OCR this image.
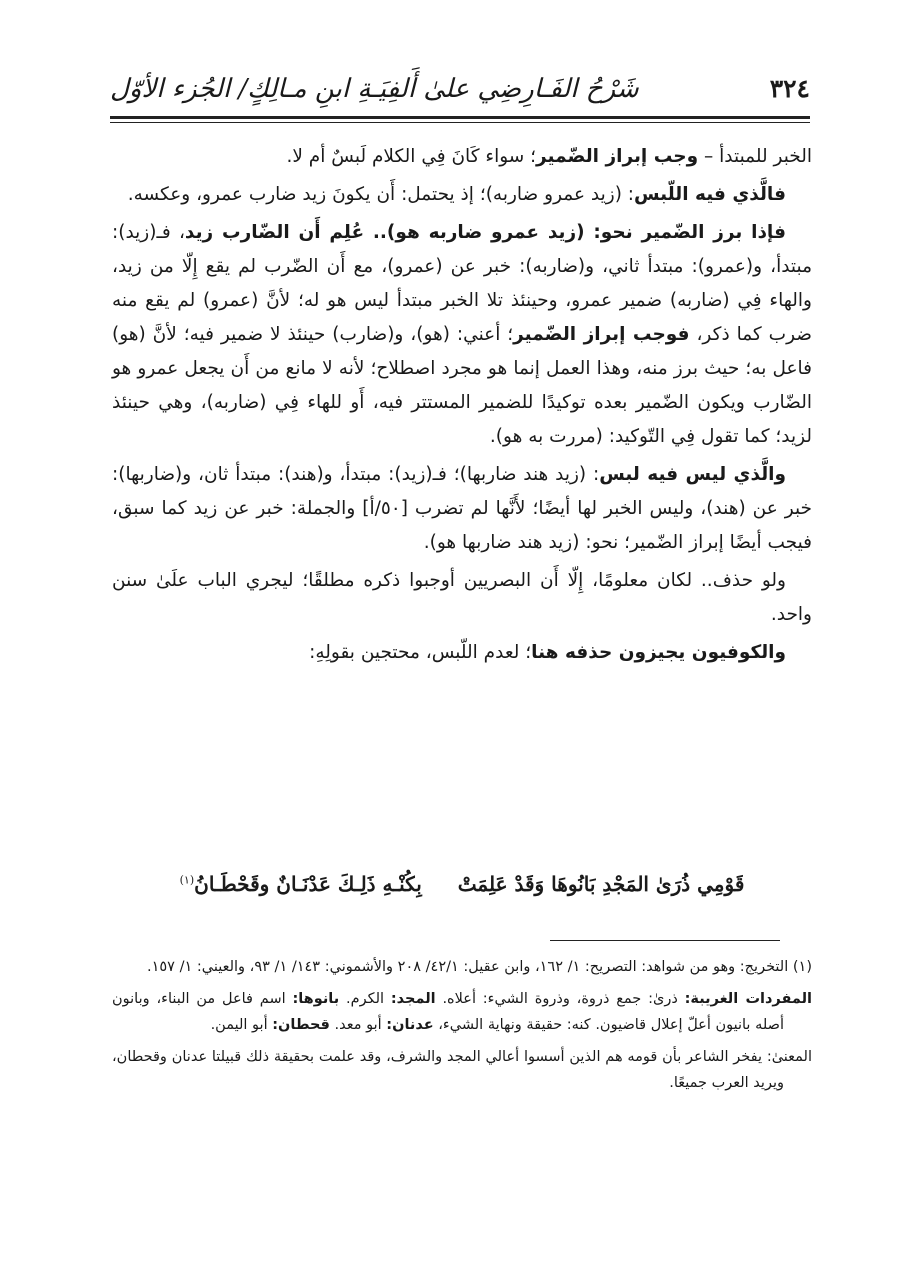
٣٢٤
شَرْحُ الفَـارِضِي علىٰ أَلفِيَـةِ ابنِ مـالِكٍ/ الجُزء الأوّل

الخبر للمبتدأ – وجب إبراز الضّمير؛ سواء كَانَ فِي الكلام لَبسٌ أم لا.

فالَّذي فيه اللّبس: (زيد عمرو ضاربه)؛ إذ يحتمل: أَن يكونَ زيد ضارب عمرو، وعكسه.

فإذا برز الضّمير نحو: (زيد عمرو ضاربه هو).. عُلِم أَن الضّارب زيد، فـ(زيد): مبتدأ، و(عمرو): مبتدأ ثاني، و(ضاربه): خبر عن (عمرو)، مع أَن الضّرب لم يقع إِلّا من زيد، والهاء فِي (ضاربه) ضمير عمرو، وحينئذ تلا الخبر مبتدأ ليس هو له؛ لأنَّ (عمرو) لم يقع منه ضرب كما ذكر، فوجب إبراز الضّمير؛ أعني: (هو)، و(ضارب) حينئذ لا ضمير فيه؛ لأنَّ (هو) فاعل به؛ حيث برز منه، وهذا العمل إنما هو مجرد اصطلاح؛ لأنه لا مانع من أَن يجعل عمرو هو الضّارب ويكون الضّمير بعده توكيدًا للضمير المستتر فيه، أَو للهاء فِي (ضاربه)، وهي حينئذ لزيد؛ كما تقول فِي التّوكيد: (مررت به هو).

والَّذي ليس فيه لبس: (زيد هند ضاربها)؛ فـ(زيد): مبتدأ، و(هند): مبتدأ ثان، و(ضاربها): خبر عن (هند)، وليس الخبر لها أيضًا؛ لأَنَّها لم تضرب [٥٠/أ] والجملة: خبر عن زيد كما سبق، فيجب أيضًا إبراز الضّمير؛ نحو: (زيد هند ضاربها هو).

ولو حذف.. لكان معلومًا، إِلّا أَن البصريين أوجبوا ذكره مطلقًا؛ ليجري الباب علَىٰ سنن واحد.

والكوفيون يجيزون حذفه هنا؛ لعدم اللّبس، محتجين بقولِهِ:

قَوْمِي ذُرَىٰ المَجْدِ بَانُوهَا وَقَدْ عَلِمَتْ
بِكُنْـهِ ذَلِـكَ عَدْنَـانٌ وقَحْطَـانُ$^{(١)}$

(١) التخريج: وهو من شواهد: التصريح: ١/ ١٦٢، وابن عقيل: ٤٢/١/ ٢٠٨ والأشموني: ١٤٣/ ١/ ٩٣، والعيني: ١/ ١٥٧.

المفردات الغريبة: ذرىٰ: جمع ذروة، وذروة الشيء: أعلاه. المجد: الكرم. بانوها: اسم فاعل من البناء، وبانون أصله بانيون أعلّ إعلال قاضيون. كنه: حقيقة ونهاية الشيء، عدنان: أبو معد. قحطان: أبو اليمن.

المعنىٰ: يفخر الشاعر بأن قومه هم الذين أسسوا أعالي المجد والشرف، وقد علمت بحقيقة ذلك قبيلتا عدنان وقحطان، ويريد العرب جميعًا.
